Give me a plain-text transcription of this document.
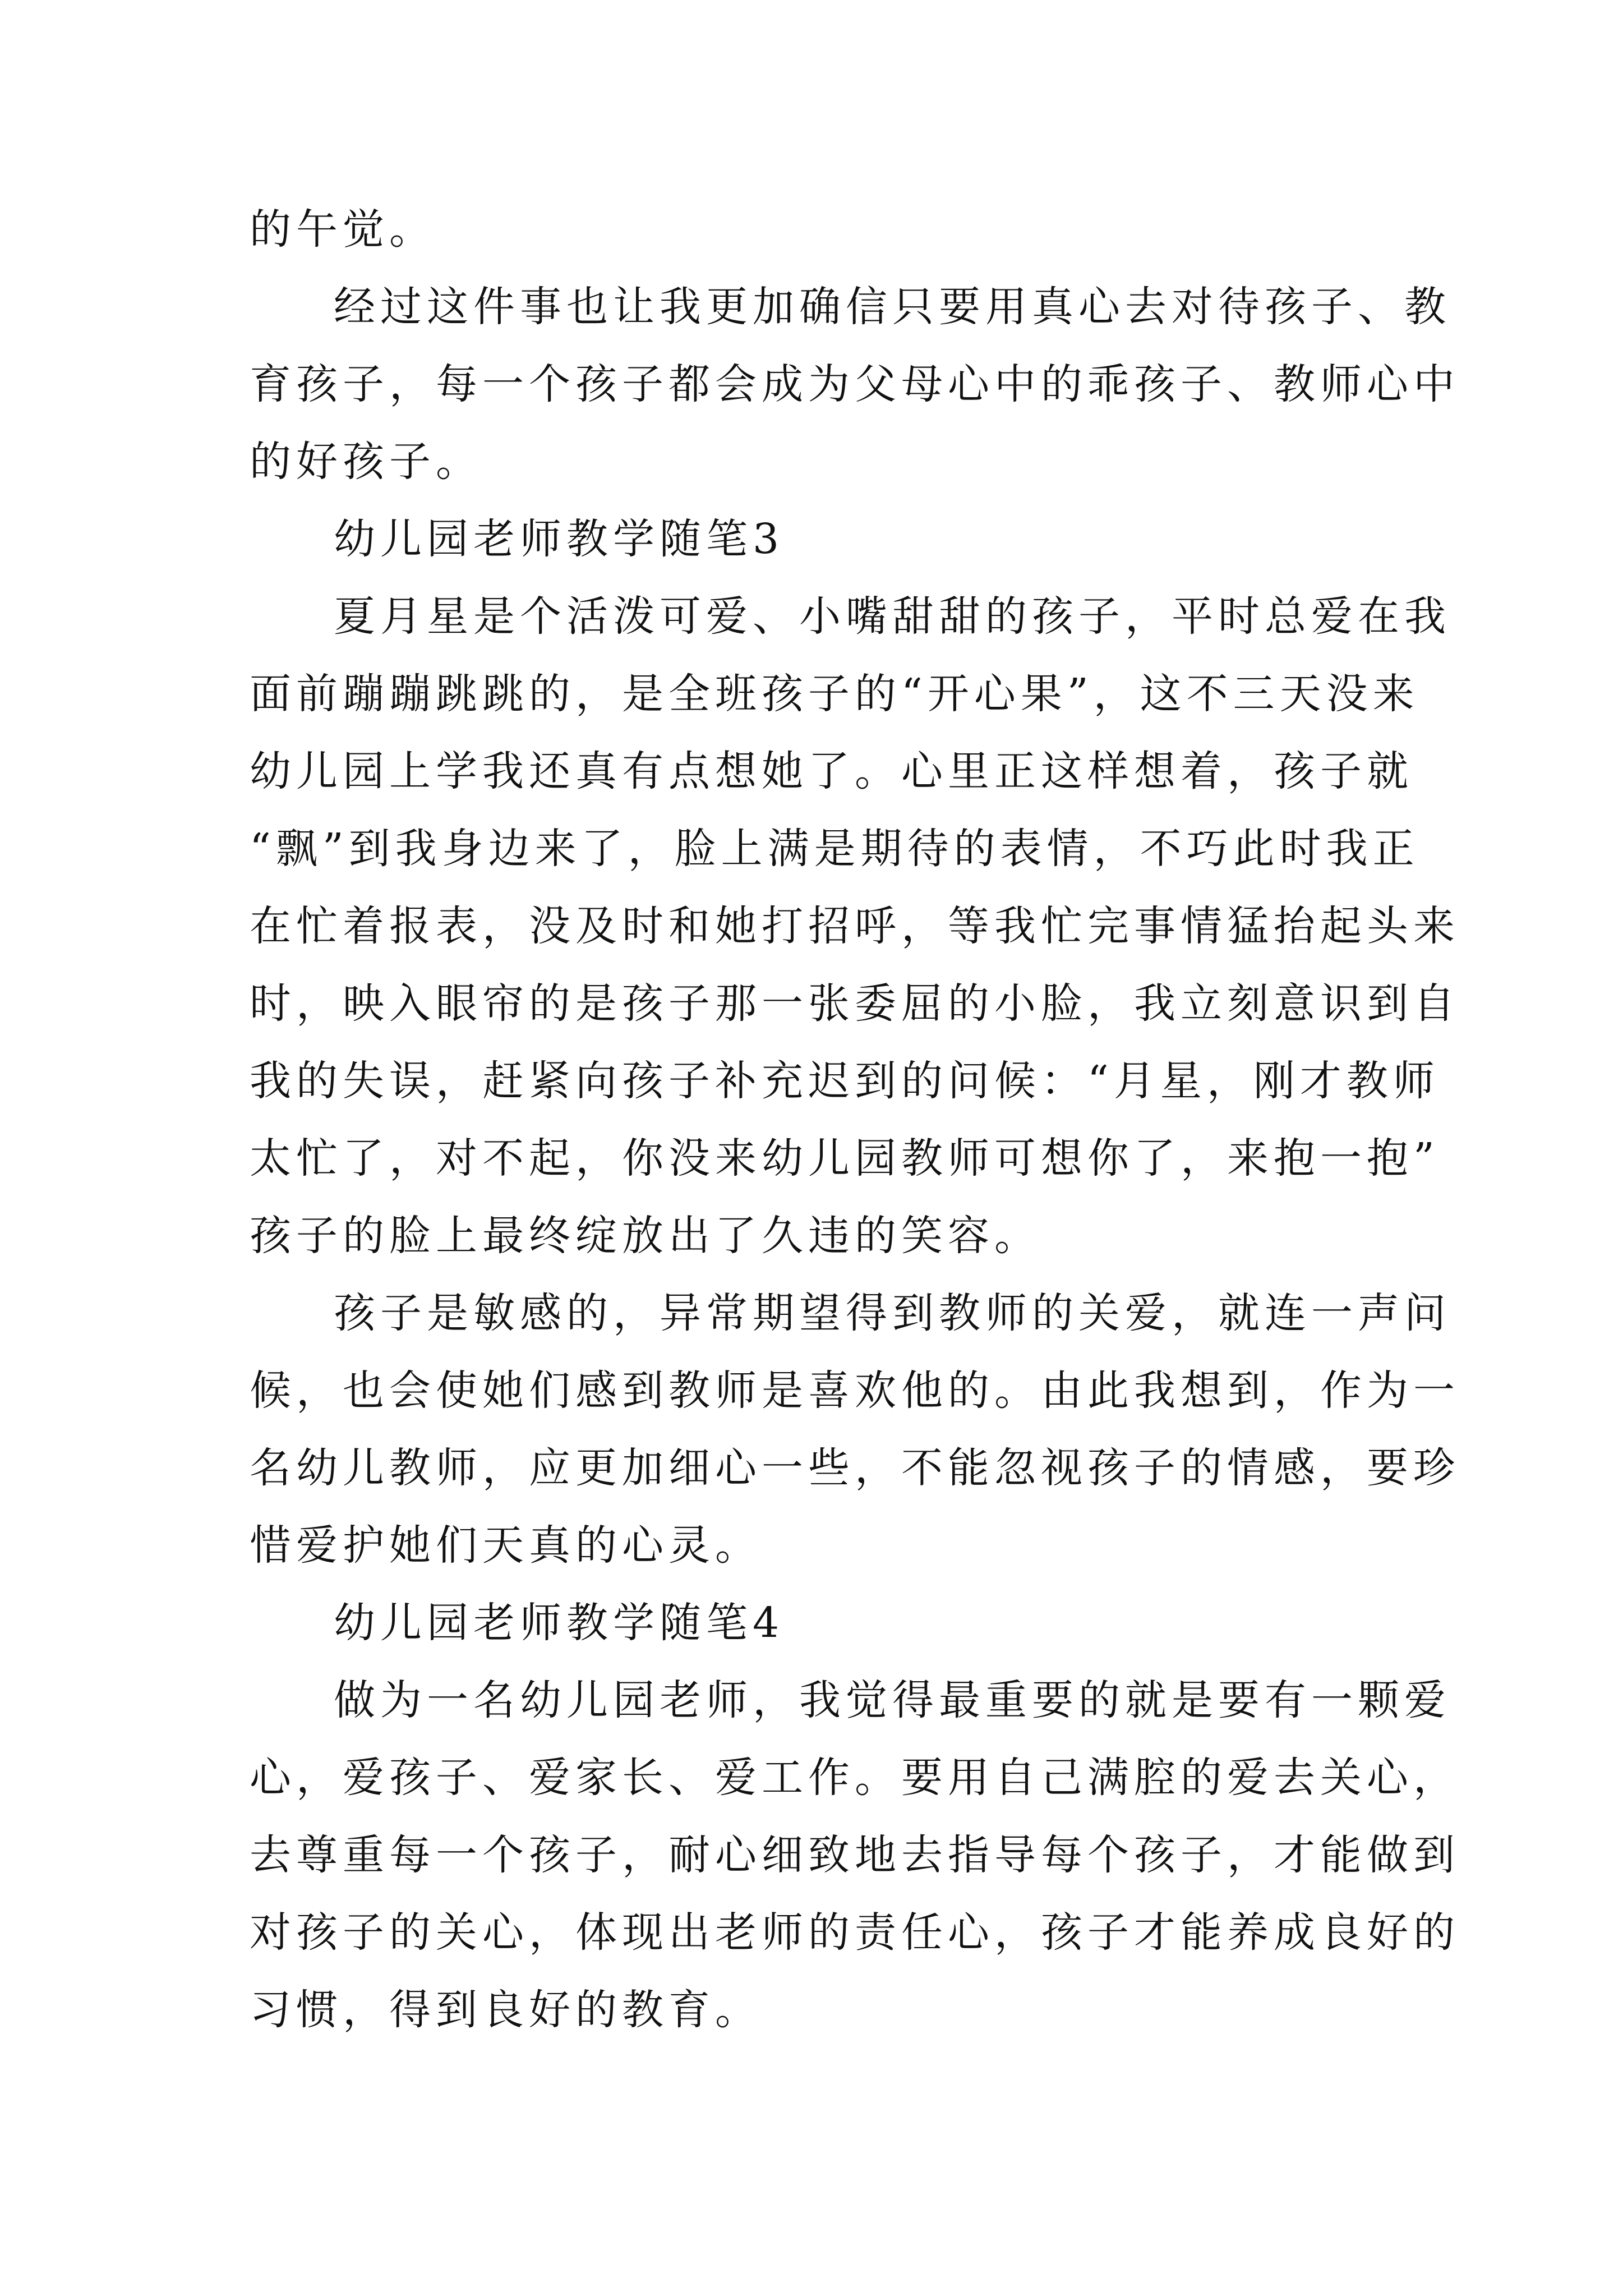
的午觉。
经过这件事也让我更加确信只要用真心去对待孩子、教
育孩子，每一个孩子都会成为父母心中的乖孩子、教师心中
的好孩子。
幼儿园老师教学随笔3
夏月星是个活泼可爱、小嘴甜甜的孩子，平时总爱在我
面前蹦蹦跳跳的，是全班孩子的“开心果”，这不三天没来
幼儿园上学我还真有点想她了。心里正这样想着，孩子就
“飘”到我身边来了，脸上满是期待的表情，不巧此时我正
在忙着报表，没及时和她打招呼，等我忙完事情猛抬起头来
时，映入眼帘的是孩子那一张委屈的小脸，我立刻意识到自
我的失误，赶紧向孩子补充迟到的问候：“月星，刚才教师
太忙了，对不起，你没来幼儿园教师可想你了，来抱一抱”
孩子的脸上最终绽放出了久违的笑容。
孩子是敏感的，异常期望得到教师的关爱，就连一声问
候，也会使她们感到教师是喜欢他的。由此我想到，作为一
名幼儿教师，应更加细心一些，不能忽视孩子的情感，要珍
惜爱护她们天真的心灵。
幼儿园老师教学随笔4
做为一名幼儿园老师，我觉得最重要的就是要有一颗爱
心，爱孩子、爱家长、爱工作。要用自己满腔的爱去关心，
去尊重每一个孩子，耐心细致地去指导每个孩子，才能做到
对孩子的关心，体现出老师的责任心，孩子才能养成良好的
习惯，得到良好的教育。
